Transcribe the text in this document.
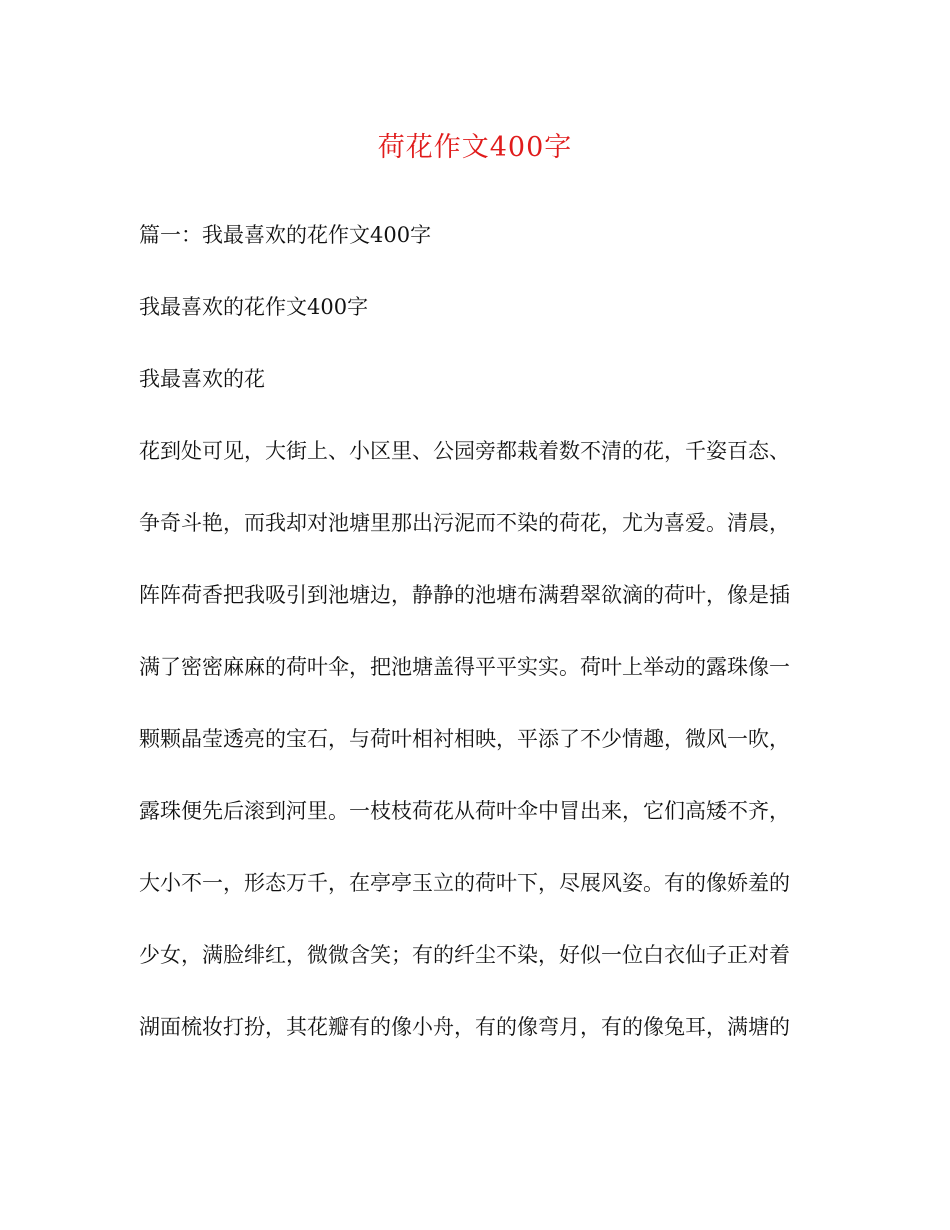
荷花作文400字

篇一：我最喜欢的花作文400字

我最喜欢的花作文400字

我最喜欢的花

花到处可见，大街上、小区里、公园旁都栽着数不清的花，千姿百态、

争奇斗艳，而我却对池塘里那出污泥而不染的荷花，尤为喜爱。清晨，

阵阵荷香把我吸引到池塘边，静静的池塘布满碧翠欲滴的荷叶，像是插

满了密密麻麻的荷叶伞，把池塘盖得平平实实。荷叶上举动的露珠像一

颗颗晶莹透亮的宝石，与荷叶相衬相映，平添了不少情趣，微风一吹，

露珠便先后滚到河里。一枝枝荷花从荷叶伞中冒出来，它们高矮不齐，

大小不一，形态万千，在亭亭玉立的荷叶下，尽展风姿。有的像娇羞的

少女，满脸绯红，微微含笑；有的纤尘不染，好似一位白衣仙子正对着

湖面梳妆打扮，其花瓣有的像小舟，有的像弯月，有的像兔耳，满塘的
